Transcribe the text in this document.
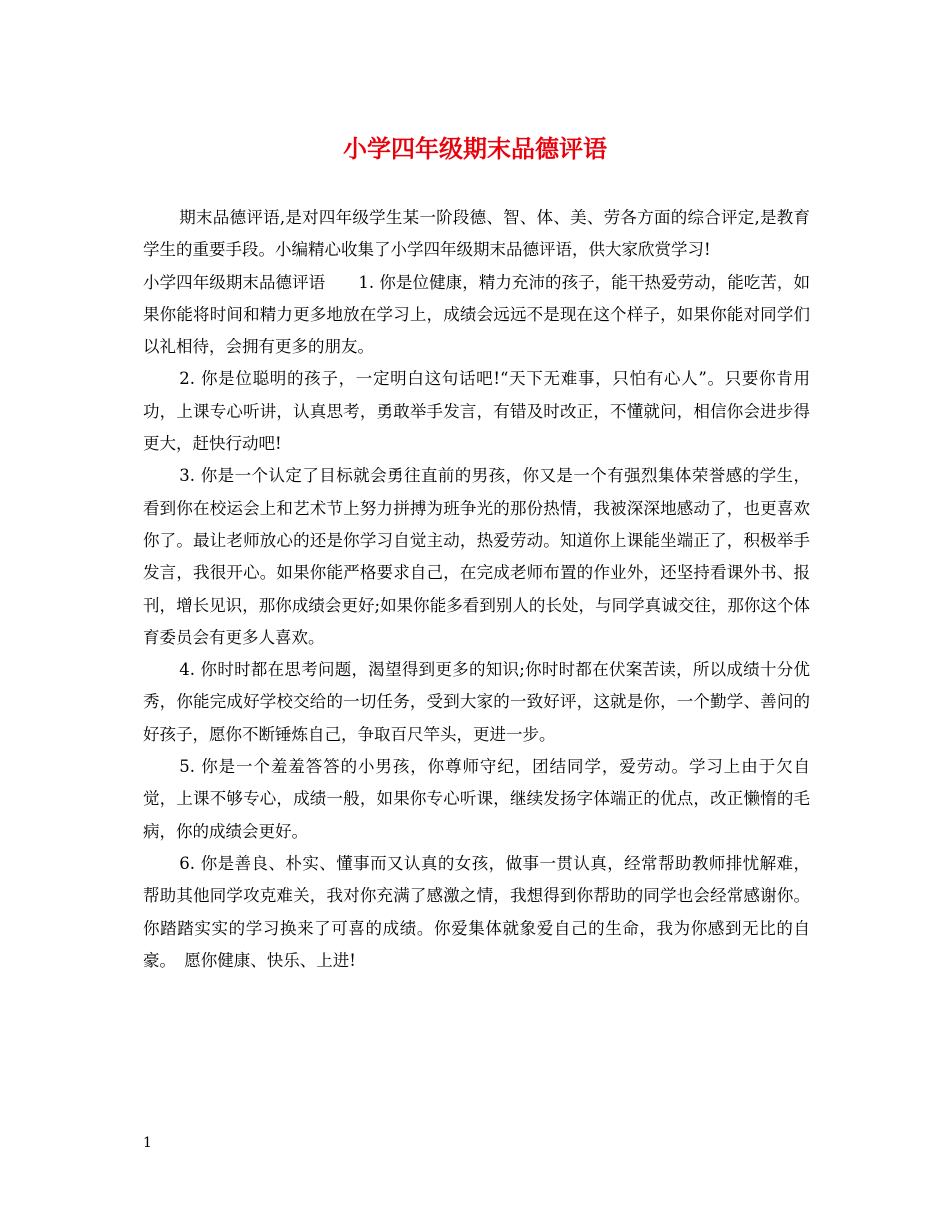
小学四年级期末品德评语

期末品德评语,是对四年级学生某一阶段德、智、体、美、劳各方面的综合评定,是教育学生的重要手段。小编精心收集了小学四年级期末品德评语，供大家欣赏学习!

小学四年级期末品德评语　　1. 你是位健康，精力充沛的孩子，能干热爱劳动，能吃苦，如果你能将时间和精力更多地放在学习上，成绩会远远不是现在这个样子，如果你能对同学们以礼相待，会拥有更多的朋友。

2. 你是位聪明的孩子，一定明白这句话吧!“天下无难事，只怕有心人”。只要你肯用功，上课专心听讲，认真思考，勇敢举手发言，有错及时改正，不懂就问，相信你会进步得更大，赶快行动吧!

3. 你是一个认定了目标就会勇往直前的男孩，你又是一个有强烈集体荣誉感的学生，看到你在校运会上和艺术节上努力拼搏为班争光的那份热情，我被深深地感动了，也更喜欢你了。最让老师放心的还是你学习自觉主动，热爱劳动。知道你上课能坐端正了，积极举手发言，我很开心。如果你能严格要求自己，在完成老师布置的作业外，还坚持看课外书、报刊，增长见识，那你成绩会更好;如果你能多看到别人的长处，与同学真诚交往，那你这个体育委员会有更多人喜欢。

4. 你时时都在思考问题，渴望得到更多的知识;你时时都在伏案苦读，所以成绩十分优秀，你能完成好学校交给的一切任务，受到大家的一致好评，这就是你，一个勤学、善问的好孩子，愿你不断锤炼自己，争取百尺竿头，更进一步。

5. 你是一个羞羞答答的小男孩，你尊师守纪，团结同学，爱劳动。学习上由于欠自觉，上课不够专心，成绩一般，如果你专心听课，继续发扬字体端正的优点，改正懒惰的毛病，你的成绩会更好。

6. 你是善良、朴实、懂事而又认真的女孩，做事一贯认真，经常帮助教师排忧解难，帮助其他同学攻克难关，我对你充满了感激之情，我想得到你帮助的同学也会经常感谢你。你踏踏实实的学习换来了可喜的成绩。你爱集体就象爱自己的生命，我为你感到无比的自豪。　愿你健康、快乐、上进!

1
